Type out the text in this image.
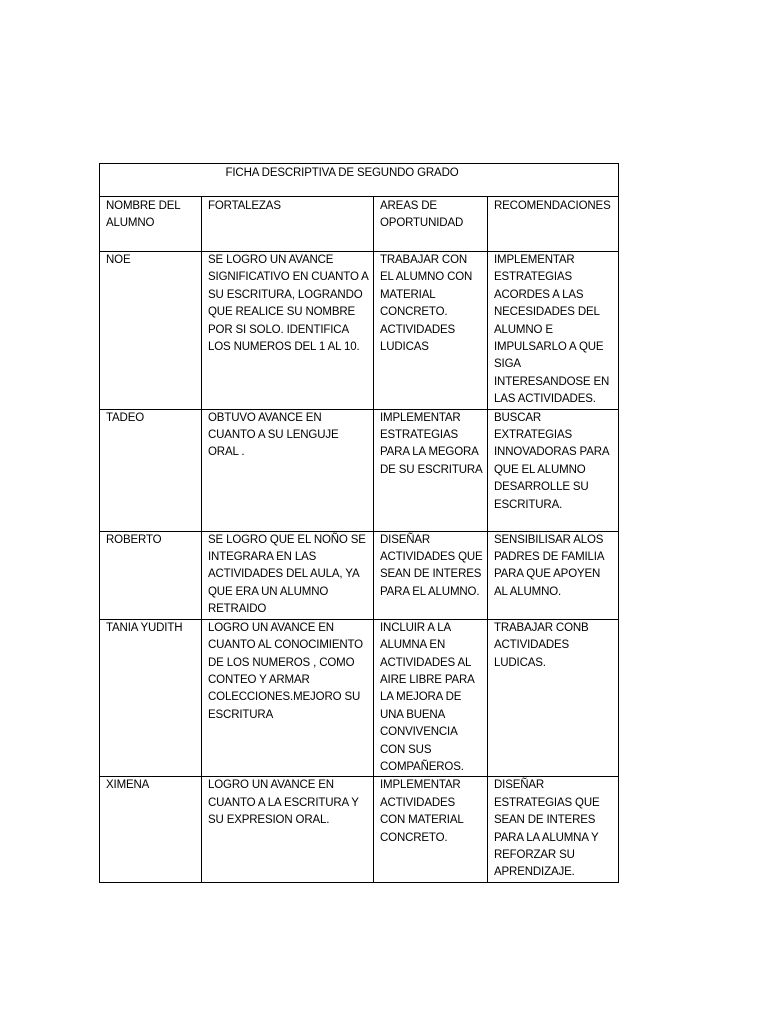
FICHA DESCRIPTIVA DE SEGUNDO GRADO			
NOMBRE DEL ALUMNO	FORTALEZAS	AREAS DE OPORTUNIDAD	RECOMENDACIONES
NOE	SE LOGRO UN AVANCE SIGNIFICATIVO EN CUANTO A SU ESCRITURA, LOGRANDO QUE REALICE SU NOMBRE POR SI SOLO. IDENTIFICA LOS NUMEROS DEL 1 AL 10.	TRABAJAR CON EL ALUMNO CON MATERIAL CONCRETO. ACTIVIDADES LUDICAS	IMPLEMENTAR ESTRATEGIAS ACORDES A LAS NECESIDADES DEL ALUMNO E IMPULSARLO A QUE SIGA INTERESANDOSE EN LAS ACTIVIDADES.
TADEO	OBTUVO AVANCE EN CUANTO A SU LENGUJE ORAL .	IMPLEMENTAR ESTRATEGIAS PARA LA MEGORA DE SU ESCRITURA	BUSCAR EXTRATEGIAS INNOVADORAS PARA QUE EL ALUMNO DESARROLLE SU ESCRITURA.
ROBERTO	SE LOGRO QUE EL NOÑO SE INTEGRARA EN LAS ACTIVIDADES DEL AULA, YA QUE ERA UN ALUMNO RETRAIDO	DISEÑAR ACTIVIDADES QUE SEAN DE INTERES PARA EL ALUMNO.	SENSIBILISAR ALOS PADRES DE FAMILIA PARA QUE APOYEN AL ALUMNO.
TANIA YUDITH	LOGRO UN AVANCE EN CUANTO AL CONOCIMIENTO DE LOS NUMEROS , COMO CONTEO Y ARMAR COLECCIONES.MEJORO SU ESCRITURA	INCLUIR A LA ALUMNA EN ACTIVIDADES AL AIRE LIBRE PARA LA MEJORA DE UNA BUENA CONVIVENCIA CON SUS COMPAÑEROS.	TRABAJAR CONB ACTIVIDADES LUDICAS.
XIMENA	LOGRO UN AVANCE EN CUANTO A LA ESCRITURA Y SU EXPRESION ORAL.	IMPLEMENTAR ACTIVIDADES CON MATERIAL CONCRETO.	DISEÑAR ESTRATEGIAS QUE SEAN DE INTERES PARA LA ALUMNA Y REFORZAR SU APRENDIZAJE.
